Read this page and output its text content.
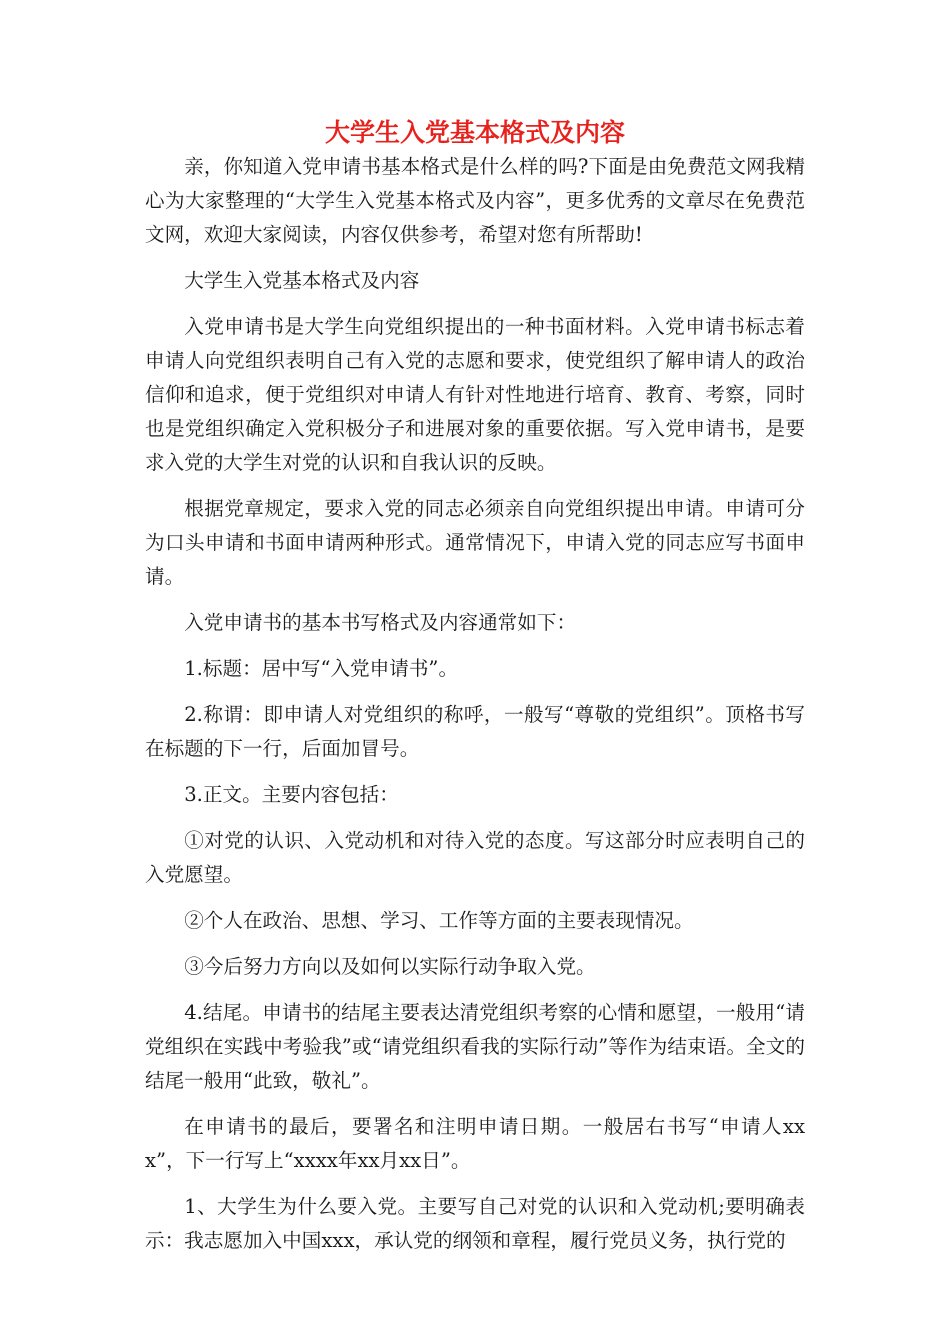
大学生入党基本格式及内容

亲，你知道入党申请书基本格式是什么样的吗?下面是由免费范文网我精心为大家整理的“大学生入党基本格式及内容”，更多优秀的文章尽在免费范文网，欢迎大家阅读，内容仅供参考，希望对您有所帮助!

大学生入党基本格式及内容

入党申请书是大学生向党组织提出的一种书面材料。入党申请书标志着申请人向党组织表明自己有入党的志愿和要求，使党组织了解申请人的政治信仰和追求，便于党组织对申请人有针对性地进行培育、教育、考察，同时也是党组织确定入党积极分子和进展对象的重要依据。写入党申请书，是要求入党的大学生对党的认识和自我认识的反映。

根据党章规定，要求入党的同志必须亲自向党组织提出申请。申请可分为口头申请和书面申请两种形式。通常情况下，申请入党的同志应写书面申请。

入党申请书的基本书写格式及内容通常如下：

1.标题：居中写“入党申请书”。

2.称谓：即申请人对党组织的称呼，一般写“尊敬的党组织”。顶格书写在标题的下一行，后面加冒号。

3.正文。主要内容包括：

①对党的认识、入党动机和对待入党的态度。写这部分时应表明自己的入党愿望。

②个人在政治、思想、学习、工作等方面的主要表现情况。

③今后努力方向以及如何以实际行动争取入党。

4.结尾。申请书的结尾主要表达清党组织考察的心情和愿望，一般用“请党组织在实践中考验我”或“请党组织看我的实际行动”等作为结束语。全文的结尾一般用“此致，敬礼”。

在申请书的最后，要署名和注明申请日期。一般居右书写“申请人xxx”，下一行写上“xxxx年xx月xx日”。

1、大学生为什么要入党。主要写自己对党的认识和入党动机;要明确表示：我志愿加入中国xxx，承认党的纲领和章程，履行党员义务，执行党的
